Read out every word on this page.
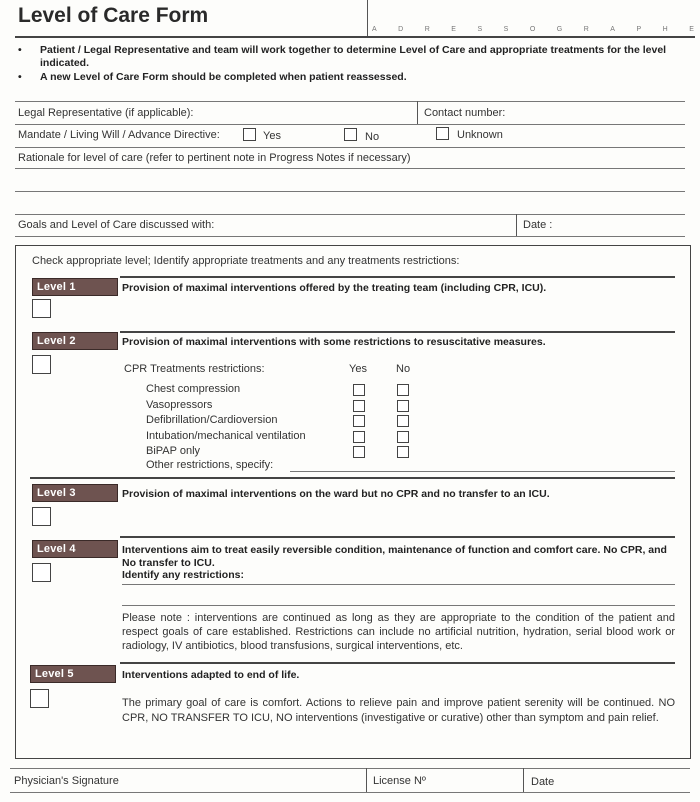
Level of Care Form
A	D	R	E	S	S	O	G	R	A	P	H	E
• Patient / Legal Representative and team will work together to determine Level of Care and appropriate treatments for the level indicated.
• A new Level of Care Form should be completed when patient reassessed.
Legal Representative (if applicable):	Contact number:
Mandate / Living Will / Advance Directive:	Yes	No	Unknown
Rationale for level of care (refer to pertinent note in Progress Notes if necessary)
Goals and Level of Care discussed with:	Date :
Check appropriate level; Identify appropriate treatments and any treatments restrictions:
Level 1	Provision of maximal interventions offered by the treating team (including CPR, ICU).
Level 2	Provision of maximal interventions with some restrictions to resuscitative measures.
CPR Treatments restrictions:	Yes	No
Chest compression
Vasopressors
Defibrillation/Cardioversion
Intubation/mechanical ventilation
BiPAP only
Other restrictions, specify:
Level 3	Provision of maximal interventions on the ward but no CPR and no transfer to an ICU.
Level 4	Interventions aim to treat easily reversible condition, maintenance of function and comfort care. No CPR, and No transfer to ICU.
Identify any restrictions:
Please note : interventions are continued as long as they are appropriate to the condition of the patient and respect goals of care established. Restrictions can include no artificial nutrition, hydration, serial blood work or radiology, IV antibiotics, blood transfusions, surgical interventions, etc.
Level 5	Interventions adapted to end of life.
The primary goal of care is comfort. Actions to relieve pain and improve patient serenity will be continued. NO CPR, NO TRANSFER TO ICU, NO interventions (investigative or curative) other than symptom and pain relief.
Physician's Signature	License Nº	Date
